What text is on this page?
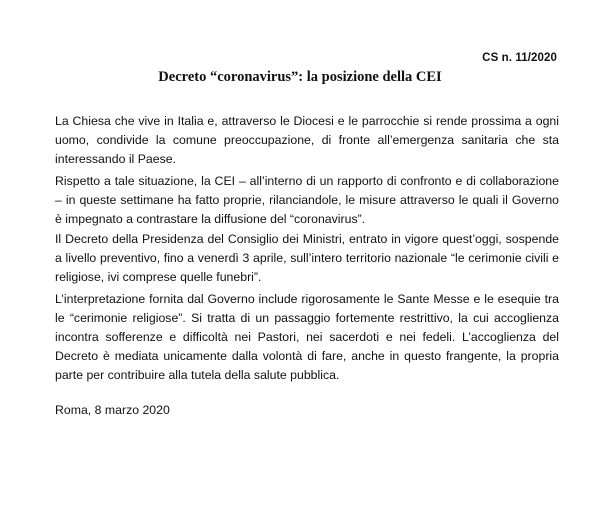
CS n. 11/2020
Decreto “coronavirus”: la posizione della CEI

La Chiesa che vive in Italia e, attraverso le Diocesi e le parrocchie si rende prossima a ogni uomo, condivide la comune preoccupazione, di fronte all’emergenza sanitaria che sta interessando il Paese.

Rispetto a tale situazione, la CEI – all’interno di un rapporto di confronto e di collaborazione – in queste settimane ha fatto proprie, rilanciandole, le misure attraverso le quali il Governo è impegnato a contrastare la diffusione del “coronavirus”.

Il Decreto della Presidenza del Consiglio dei Ministri, entrato in vigore quest’oggi, sospende a livello preventivo, fino a venerdì 3 aprile, sull’intero territorio nazionale “le cerimonie civili e religiose, ivi comprese quelle funebri”.

L’interpretazione fornita dal Governo include rigorosamente le Sante Messe e le esequie tra le “cerimonie religiose”. Si tratta di un passaggio fortemente restrittivo, la cui accoglienza incontra sofferenze e difficoltà nei Pastori, nei sacerdoti e nei fedeli. L’accoglienza del Decreto è mediata unicamente dalla volontà di fare, anche in questo frangente, la propria parte per contribuire alla tutela della salute pubblica.

Roma, 8 marzo 2020
